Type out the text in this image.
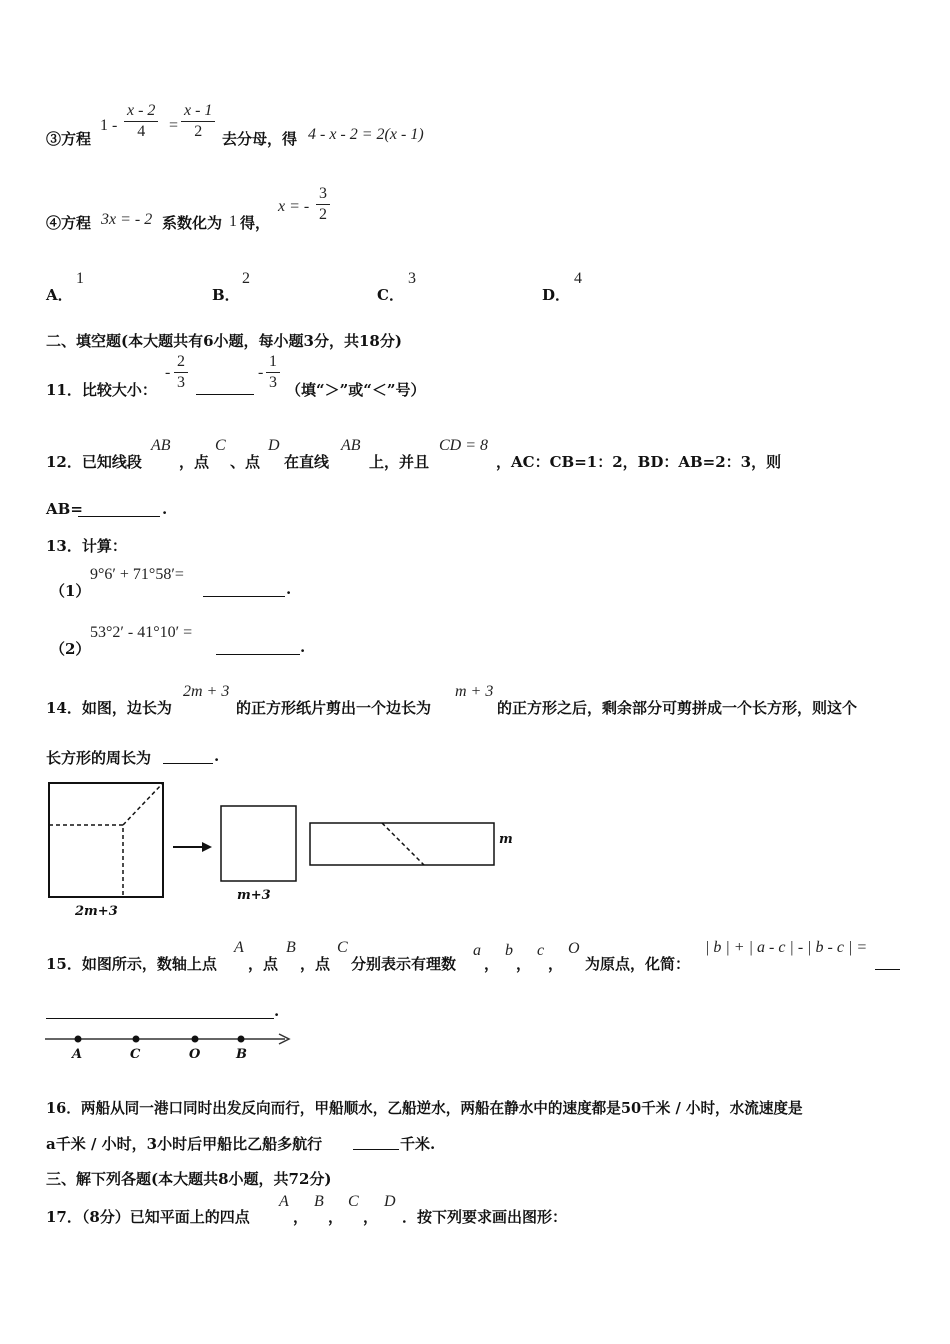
③方程
$1 - \frac{x - 2}{4} = \frac{x - 1}{2}$ 去分母，得 4 - x - 2 = 2(x - 1)
④方程 3x = - 2 系数化为 1 得，
x = - $\frac{3}{2}$
A．
1
B．
2
C．
3
D．
4
二、填空题(本大题共有6小题，每小题3分，共18分)
11．比较大小：
- $\frac{2}{3}$	- $\frac{1}{3}$ （填“＞”或“＜”号）
12．已知线段
AB
，点
C
、点
D
在直线
AB
上，并且
CD = 8
，AC：CB=1：2，BD：AB=2：3，则
AB=	.
13．计算：
（1）
9°6′ + 71°58′=
.
（2）
53°2′ - 41°10′ =
.
14．如图，边长为
2m + 3
的正方形纸片剪出一个边长为
m + 3
的正方形之后，剩余部分可剪拼成一个长方形，则这个
长方形的周长为	.
2m+3
m+3
m
15．如图所示，数轴上点
A
，点
B
，点
C
分别表示有理数
a
，
b
，
c
，
O
为原点，化简：
| b | + | a - c | - | b - c | =
.
A	C	O	B
16．两船从同一港口同时出发反向而行，甲船顺水，乙船逆水，两船在静水中的速度都是50千米 / 小时，水流速度是
a千米 / 小时，3小时后甲船比乙船多航行	千米.
三、解下列各题(本大题共8小题，共72分)
17．（8分）已知平面上的四点
A
，
B
，
C
，
D
．按下列要求画出图形：
